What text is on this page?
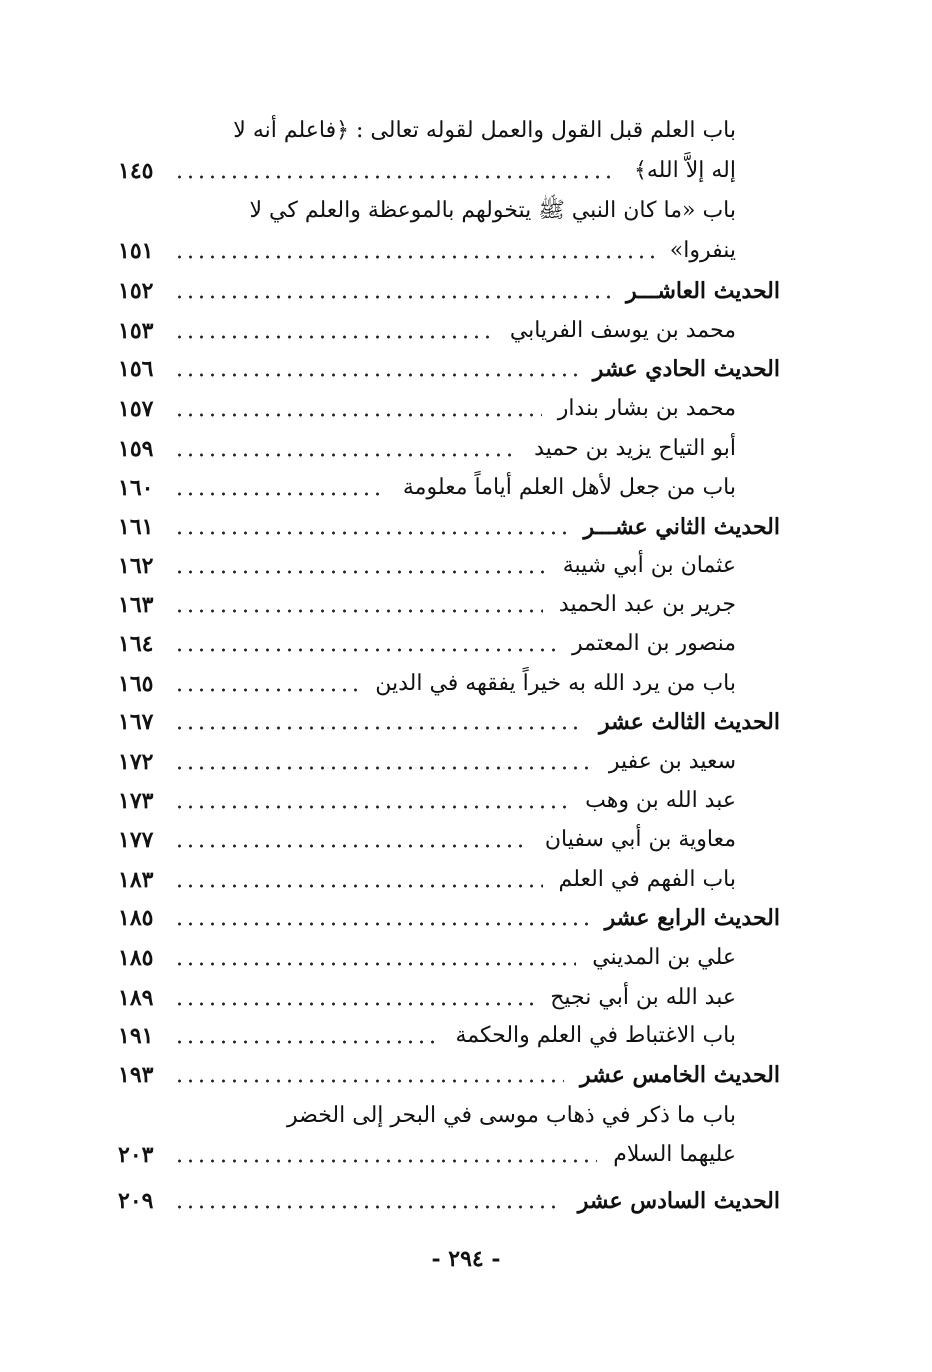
باب العلم قبل القول والعمل لقوله تعالى : ﴿فاعلم أنه لا
إله إلاَّ الله﴾
١٤٥
باب «ما كان النبي ﷺ يتخولهم بالموعظة والعلم كي لا
ينفروا»
١٥١
الحديث العاشـــر
١٥٢
محمد بن يوسف الفريابي
١٥٣
الحديث الحادي عشر
١٥٦
محمد بن بشار بندار
١٥٧
أبو التياح يزيد بن حميد
١٥٩
باب من جعل لأهل العلم أياماً معلومة
١٦٠
الحديث الثاني عشـــر
١٦١
عثمان بن أبي شيبة
١٦٢
جرير بن عبد الحميد
١٦٣
منصور بن المعتمر
١٦٤
باب من يرد الله به خيراً يفقهه في الدين
١٦٥
الحديث الثالث عشر
١٦٧
سعيد بن عفير
١٧٢
عبد الله بن وهب
١٧٣
معاوية بن أبي سفيان
١٧٧
باب الفهم في العلم
١٨٣
الحديث الرابع عشر
١٨٥
علي بن المديني
١٨٥
عبد الله بن أبي نجيح
١٨٩
باب الاغتباط في العلم والحكمة
١٩١
الحديث الخامس عشر
١٩٣
باب ما ذكر في ذهاب موسى في البحر إلى الخضر
عليهما السلام
٢٠٣
الحديث السادس عشر
٢٠٩
- ٢٩٤ -
